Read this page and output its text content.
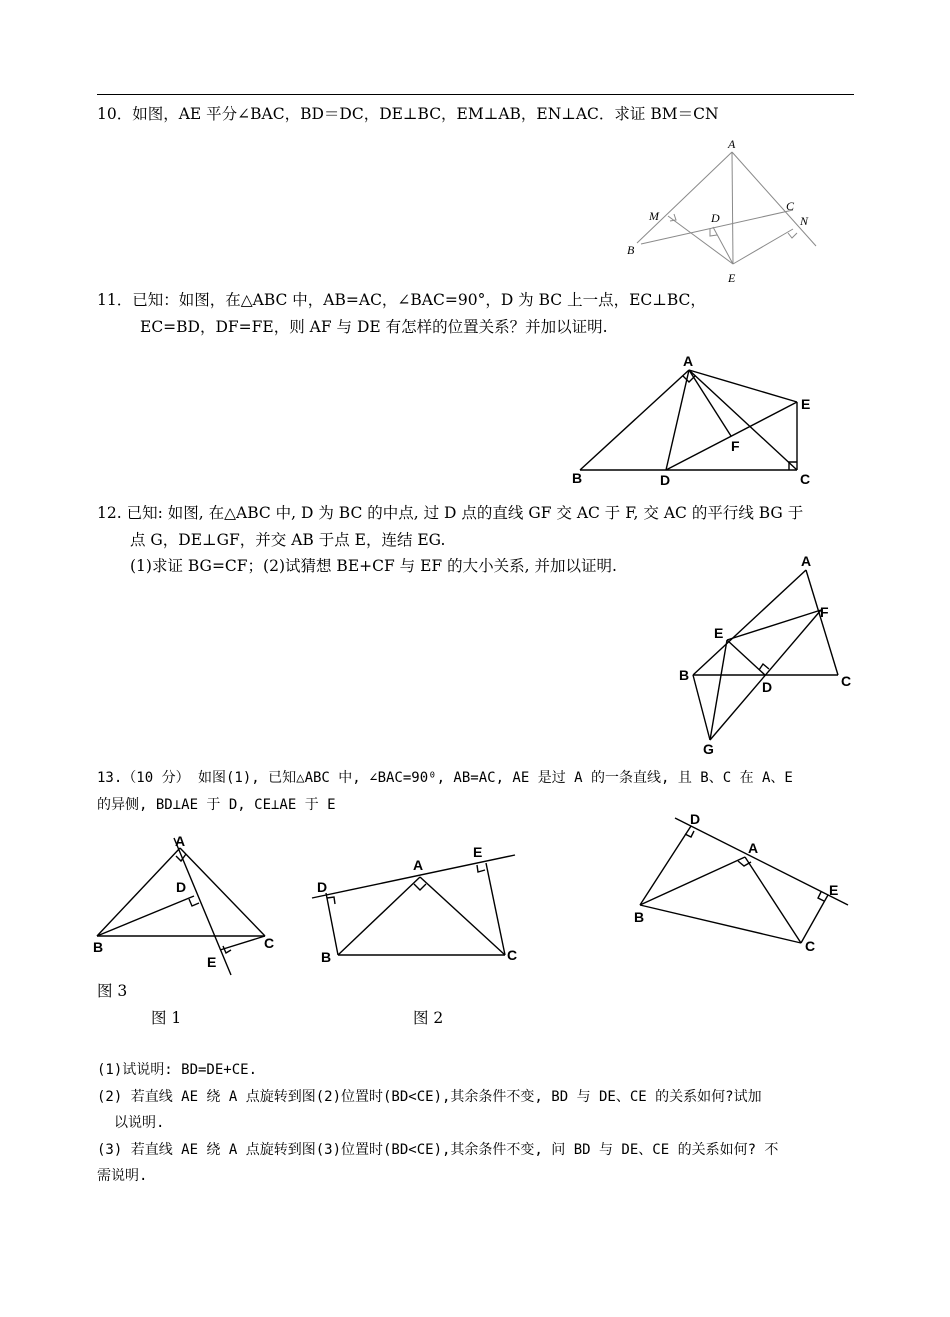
10．如图，AE 平分∠BAC，BD＝DC，DE⊥BC，EM⊥AB，EN⊥AC．求证 BM＝CN
A
B
C
D
E
M	N
11．已知：如图，在△ABC 中，AB=AC，∠BAC=90°，D 为 BC 上一点，EC⊥BC，
EC=BD，DF=FE，则 AF 与 DE 有怎样的位置关系？并加以证明.
A
B	C
D
E
F
12. 已知: 如图, 在△ABC 中, D 为 BC 的中点, 过 D 点的直线 GF 交 AC 于 F, 交 AC 的平行线 BG 于
点 G，DE⊥GF，并交 AB 于点 E，连结 EG.
(1)求证 BG=CF；(2)试猜想 BE+CF 与 EF 的大小关系, 并加以证明.	A
B	C
D
E
F
G
13.（10 分） 如图(1), 已知△ABC 中, ∠BAC=90⁰, AB=AC, AE 是过 A 的一条直线, 且 B、C 在 A、E
的异侧, BD⊥AE 于 D, CE⊥AE 于 E
A
B	C
D
E
A
B	C
D
E	A
B
C
D
E
图 3
图 1	图 2
(1)试说明: BD=DE+CE.
(2) 若直线 AE 绕 A 点旋转到图(2)位置时(BD<CE),其余条件不变, BD 与 DE、CE 的关系如何?试加
以说明.
(3) 若直线 AE 绕 A 点旋转到图(3)位置时(BD<CE),其余条件不变, 问 BD 与 DE、CE 的关系如何? 不
需说明.
